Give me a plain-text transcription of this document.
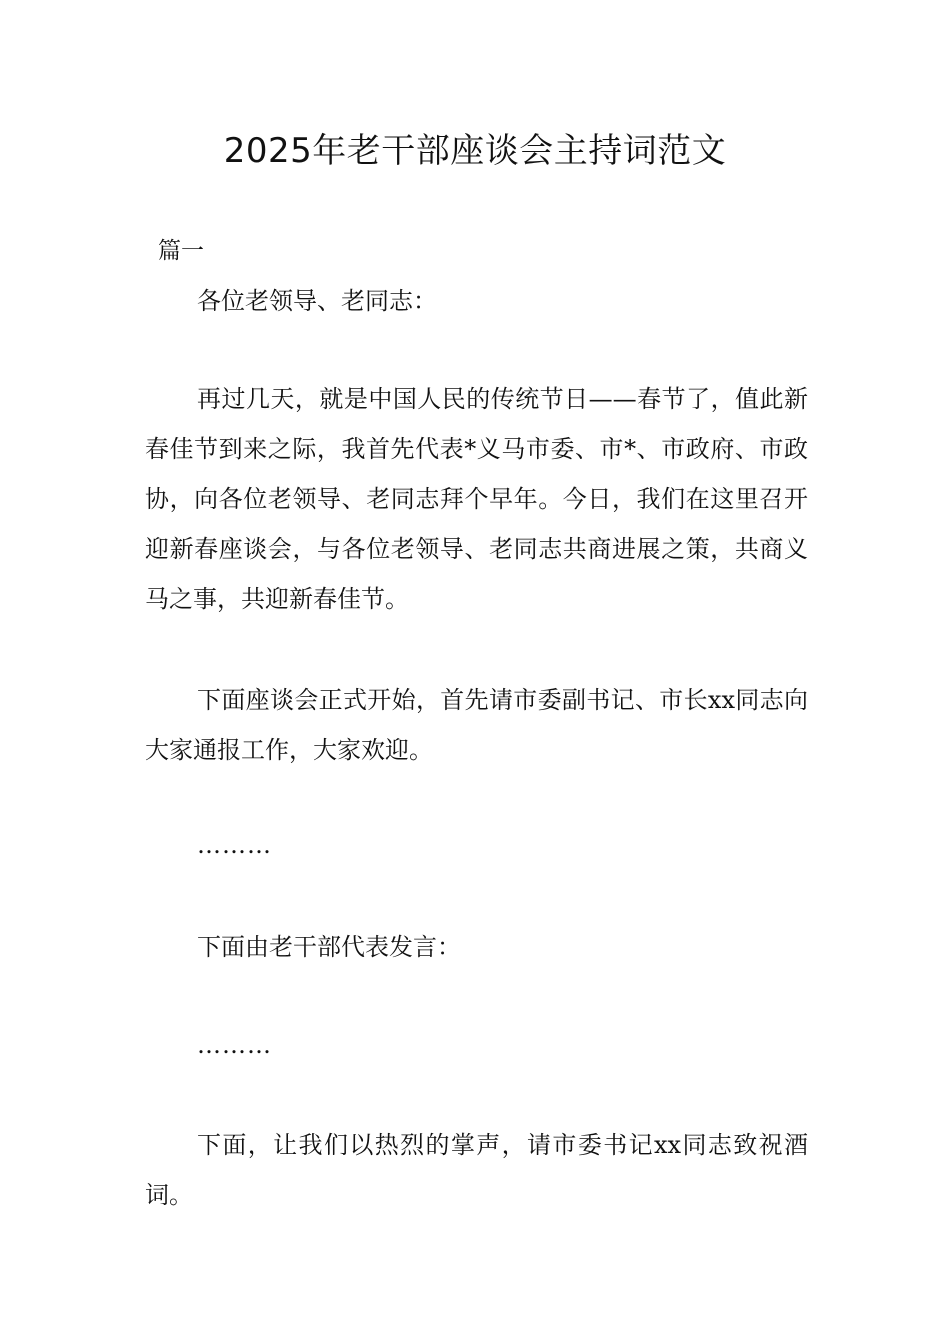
2025年老干部座谈会主持词范文

篇一

各位老领导、老同志：

再过几天，就是中国人民的传统节日——春节了，值此新春佳节到来之际，我首先代表*义马市委、市*、市政府、市政协，向各位老领导、老同志拜个早年。今日，我们在这里召开迎新春座谈会，与各位老领导、老同志共商进展之策，共商义马之事，共迎新春佳节。

下面座谈会正式开始，首先请市委副书记、市长xx同志向大家通报工作，大家欢迎。

………

下面由老干部代表发言：

………

下面，让我们以热烈的掌声，请市委书记xx同志致祝酒词。
